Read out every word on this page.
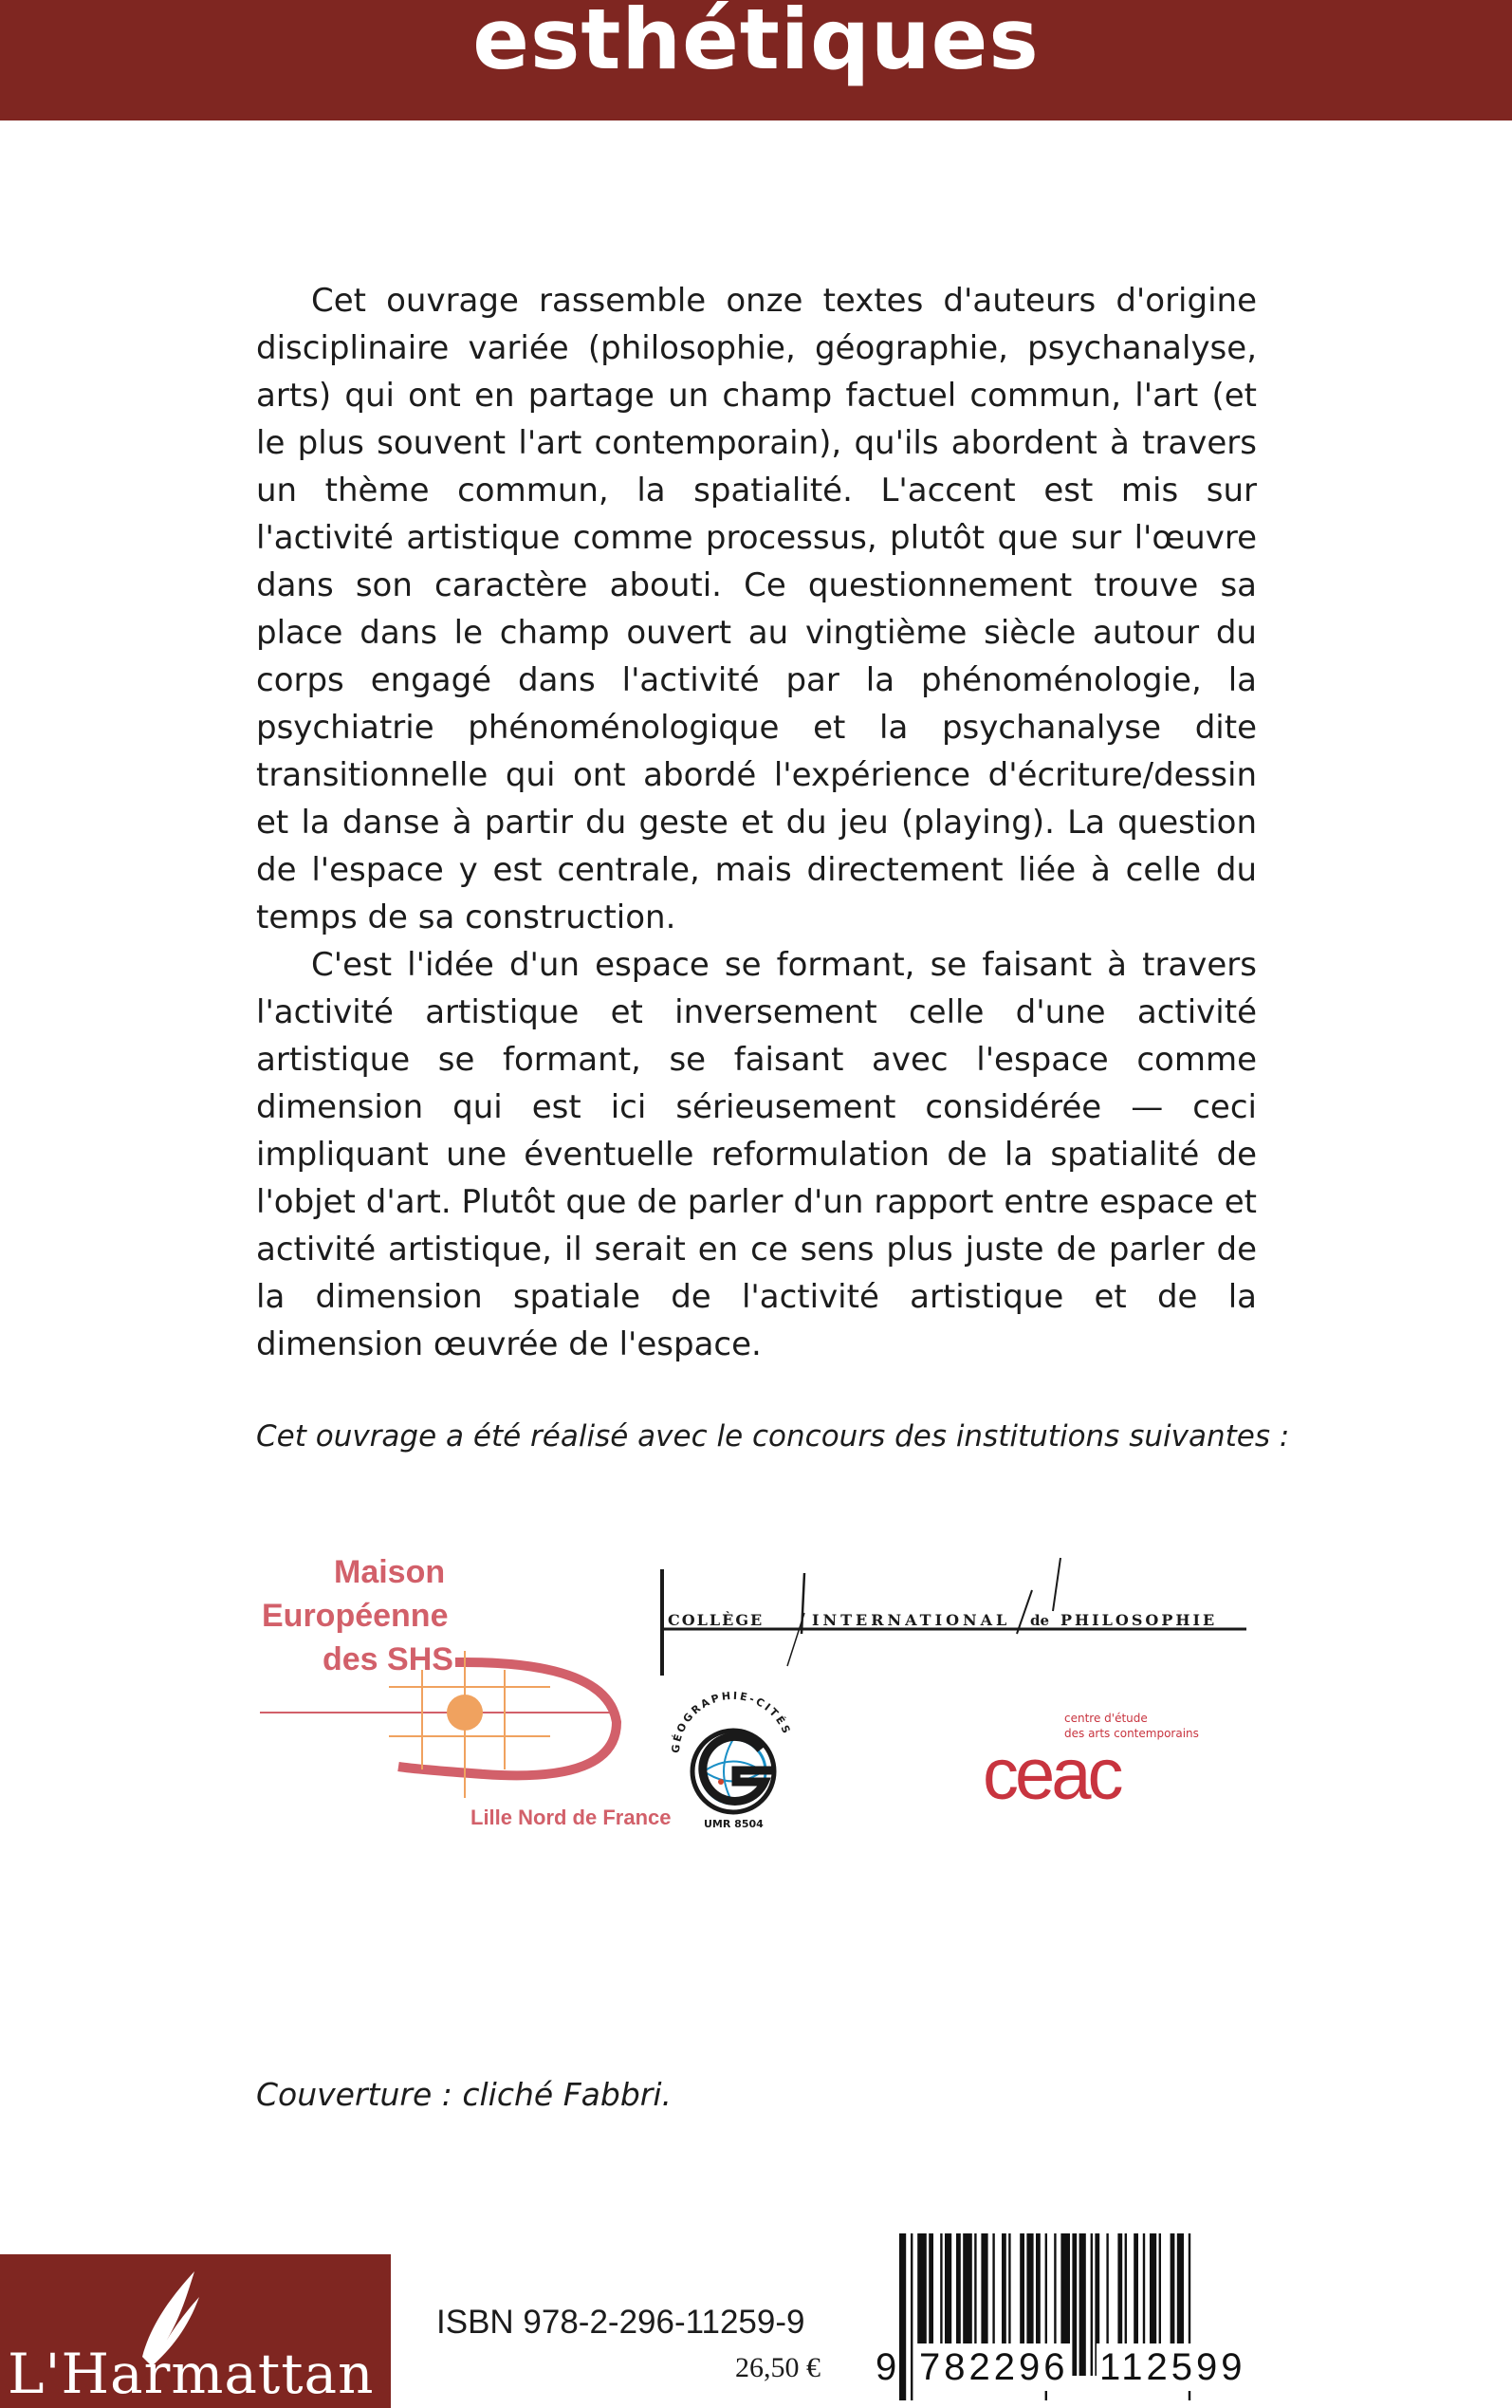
esthétiques

Cet ouvrage rassemble onze textes d'auteurs d'origine disciplinaire variée (philosophie, géographie, psychanalyse, arts) qui ont en partage un champ factuel commun, l'art (et le plus souvent l'art contemporain), qu'ils abordent à travers un thème commun, la spatialité. L'accent est mis sur l'activité artistique comme processus, plutôt que sur l'œuvre dans son caractère abouti. Ce questionnement trouve sa place dans le champ ouvert au vingtième siècle autour du corps engagé dans l'activité par la phénoménologie, la psychiatrie phénoménologique et la psychanalyse dite transitionnelle qui ont abordé l'expérience d'écriture/dessin et la danse à partir du geste et du jeu (playing). La question de l'espace y est centrale, mais directement liée à celle du temps de sa construction.

C'est l'idée d'un espace se formant, se faisant à travers l'activité artistique et inversement celle d'une activité artistique se formant, se faisant avec l'espace comme dimension qui est ici sérieusement considérée — ceci impliquant une éventuelle reformulation de la spatialité de l'objet d'art. Plutôt que de parler d'un rapport entre espace et activité artistique, il serait en ce sens plus juste de parler de la dimension spatiale de l'activité artistique et de la dimension œuvrée de l'espace.

Cet ouvrage a été réalisé avec le concours des institutions suivantes :
Maison
Européenne
des SHS
Lille Nord de France
COLLÈGE	INTERNATIONAL de PHILOSOPHIE
GÉOGRAPHIE-CITÉS
UMR 8504
centre d'étude
des arts contemporains
ceac
Couverture : cliché Fabbri.
L'Harmattan
ISBN 978-2-296-11259-9
26,50 €	9 782296 112599
